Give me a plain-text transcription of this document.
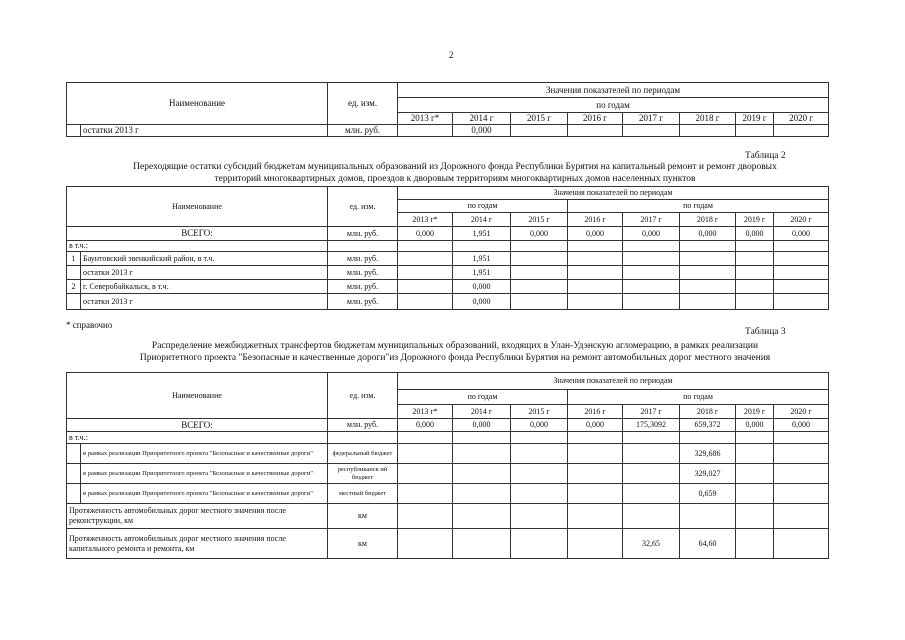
2
Наименование		ед. изм.	Значения показателей по периодам							
			по годам							
			2013 г*	2014 г	2015 г	2016 г	2017 г	2018 г	2019 г	2020 г
	остатки 2013 г	млн. руб.		0,000						
Таблица 2
Переходящие остатки субсидий бюджетам муниципальных образований из Дорожного фонда Республики Бурятия на капитальный ремонт и ремонт дворовых
территорий многоквартирных домов, проездов к дворовым территориям многоквартирных домов населенных пунктов
Наименование		ед. изм.	Значения показателей по периодам							
			по годам			по годам				
			2013 г*	2014 г	2015 г	2016 г	2017 г	2018 г	2019 г	2020 г
ВСЕГО:		млн. руб.	0,000	1,951	0,000	0,000	0,000	0,000	0,000	0,000
в т.ч.:										
1	Баунтовский эвенкийский район, в т.ч.	млн. руб.		1,951						
	остатки 2013 г	млн. руб.		1,951						
2	г. Северобайкальск, в т.ч.	млн. руб.		0,000						
	остатки 2013 г	млн. руб.		0,000						
* справочно
Таблица 3
Распределение межбюджетных трансфертов бюджетам муниципальных образований, входящих в Улан-Удэнскую агломерацию, в рамках реализации
Приоритетного проекта "Безопасные и качественные дороги"из Дорожного фонда Республики Бурятия на ремонт автомобильных дорог местного значения
Наименование		ед. изм.	Значения показателей по периодам							
			по годам			по годам				
			2013 г*	2014 г	2015 г	2016 г	2017 г	2018 г	2019 г	2020 г
ВСЕГО:		млн. руб.	0,000	0,000	0,000	0,000	175,3092	659,372	0,000	0,000
в т.ч.:										
	в рамках реализации Приоритетного проекта "Безопасные и качественные дороги"	федеральный бюджет						329,686		
	в рамках реализации Приоритетного проекта "Безопасные и качественные дороги"	республиканск ий бюджет						329,027		
	в рамках реализации Приоритетного проекта "Безопасные и качественные дороги"	местный бюджет						0,659		
Протяженность автомобильных дорог местного значения после реконструкции, км		км								
Протяженность автомобильных дорог местного значения после капитального ремонта и ремонта, км		км					32,65	64,60		
